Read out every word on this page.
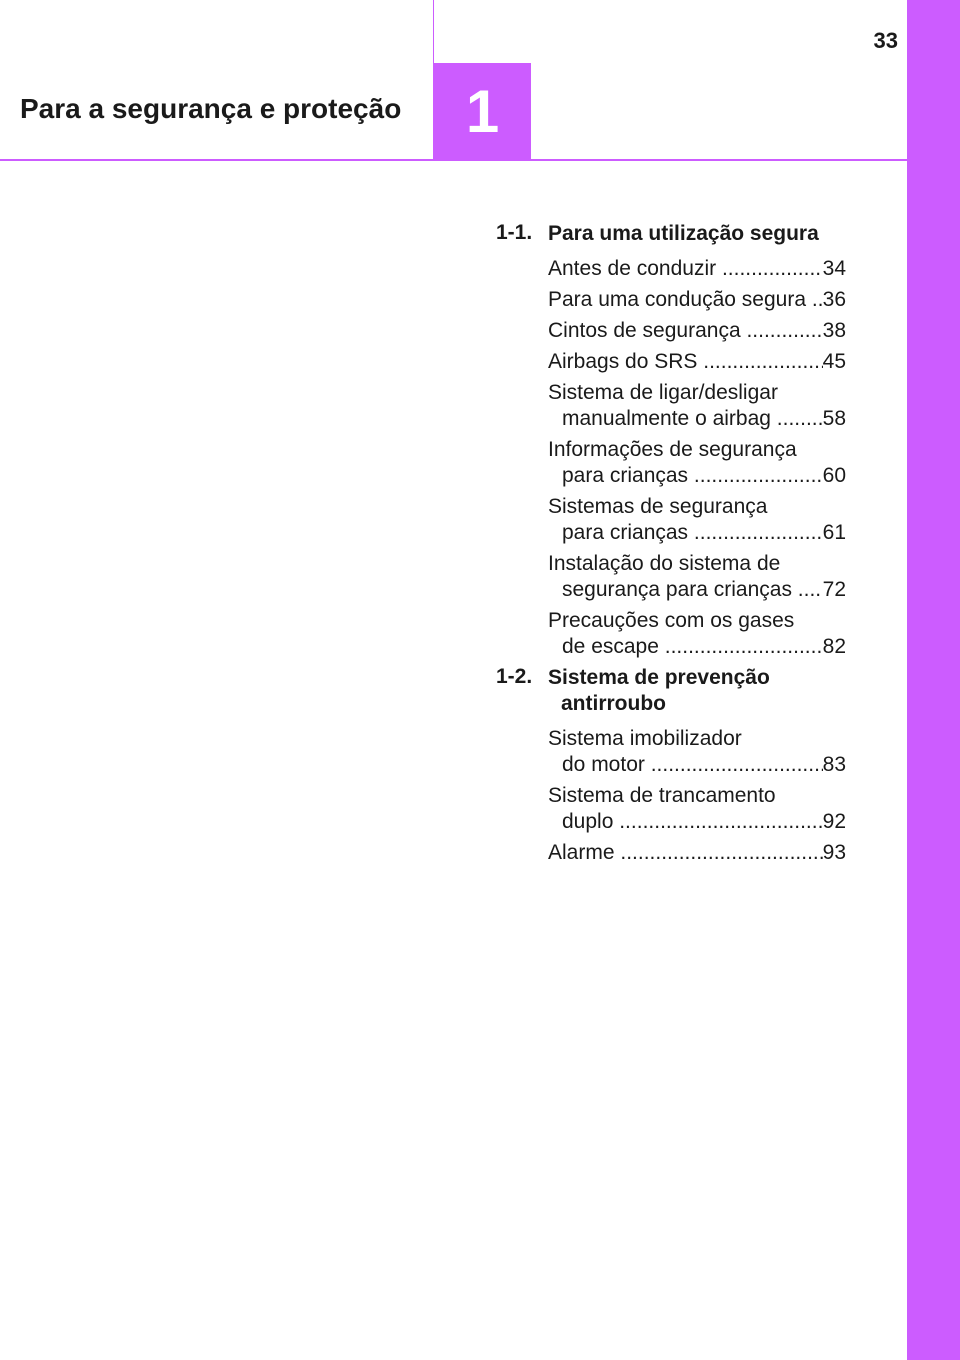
1
33
Para a segurança e proteção
1-1. Para uma utilização segura
Antes de conduzir .....	34
Para uma condução segura ..... 36
Cintos de segurança .....	38
Airbags do SRS .....	45
Sistema de ligar/desligar
manualmente o airbag .....	58
Informações de segurança
para crianças .....	60
Sistemas de segurança
para crianças .....	61
Instalação do sistema de
segurança para crianças .....	72
Precauções com os gases
de escape .....	82
1-2. Sistema de prevenção
antirroubo
Sistema imobilizador
do motor .....	83
Sistema de trancamento
duplo .....	92
Alarme .....	93
